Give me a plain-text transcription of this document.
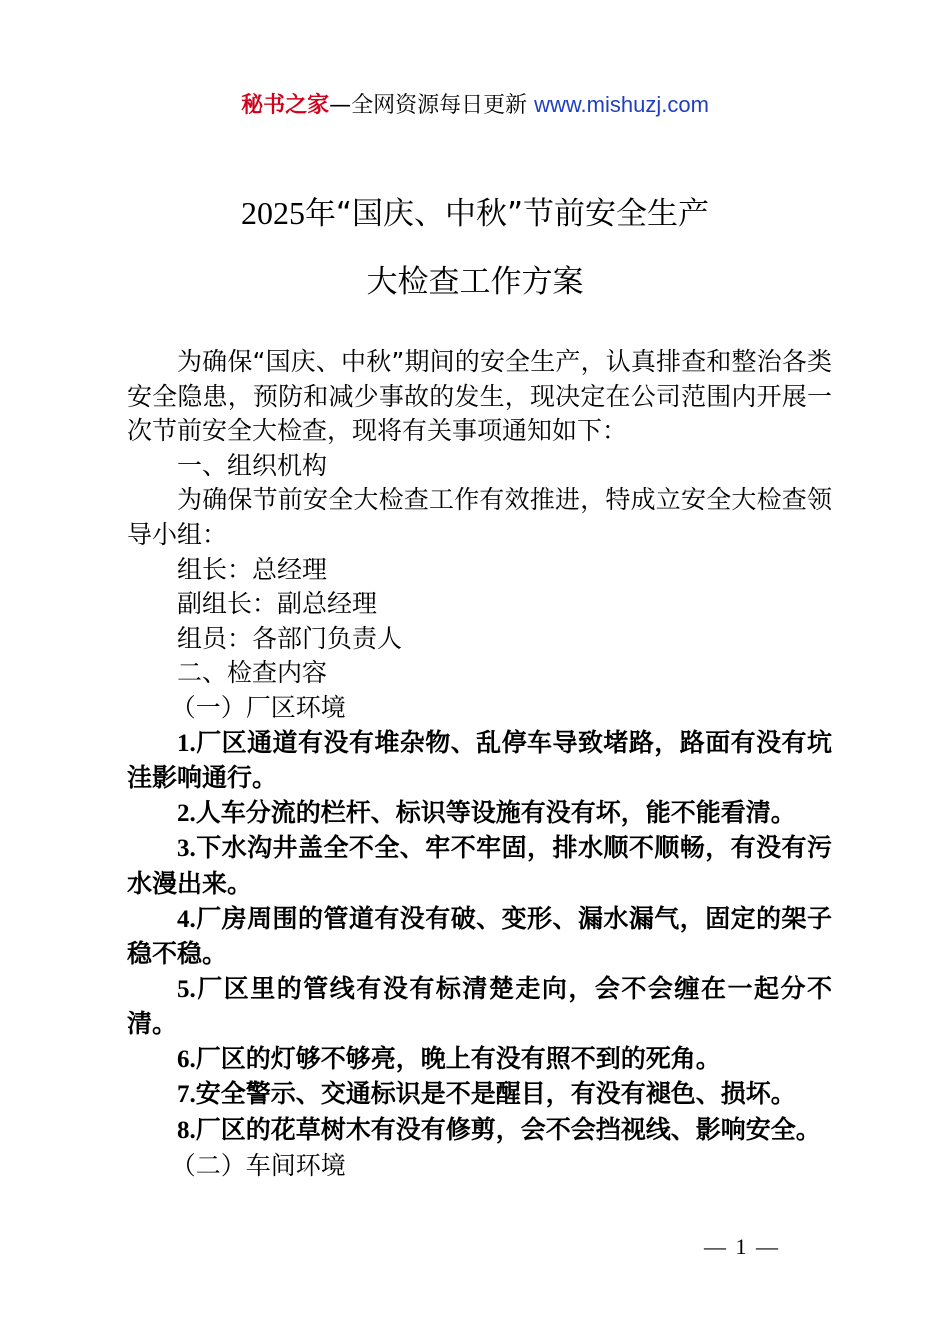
秘书之家—全网资源每日更新 www.mishuzj.com
2025年“国庆、中秋”节前安全生产
大检查工作方案

为确保“国庆、中秋”期间的安全生产，认真排查和整治各类安全隐患，预防和减少事故的发生，现决定在公司范围内开展一次节前安全大检查，现将有关事项通知如下：

一、组织机构

为确保节前安全大检查工作有效推进，特成立安全大检查领导小组：

组长：总经理

副组长：副总经理

组员：各部门负责人

二、检查内容

（一）厂区环境

1.厂区通道有没有堆杂物、乱停车导致堵路，路面有没有坑洼影响通行。

2.人车分流的栏杆、标识等设施有没有坏，能不能看清。

3.下水沟井盖全不全、牢不牢固，排水顺不顺畅，有没有污水漫出来。

4.厂房周围的管道有没有破、变形、漏水漏气，固定的架子稳不稳。

5.厂区里的管线有没有标清楚走向，会不会缠在一起分不清。

6.厂区的灯够不够亮，晚上有没有照不到的死角。

7.安全警示、交通标识是不是醒目，有没有褪色、损坏。

8.厂区的花草树木有没有修剪，会不会挡视线、影响安全。

（二）车间环境

— 1 —
